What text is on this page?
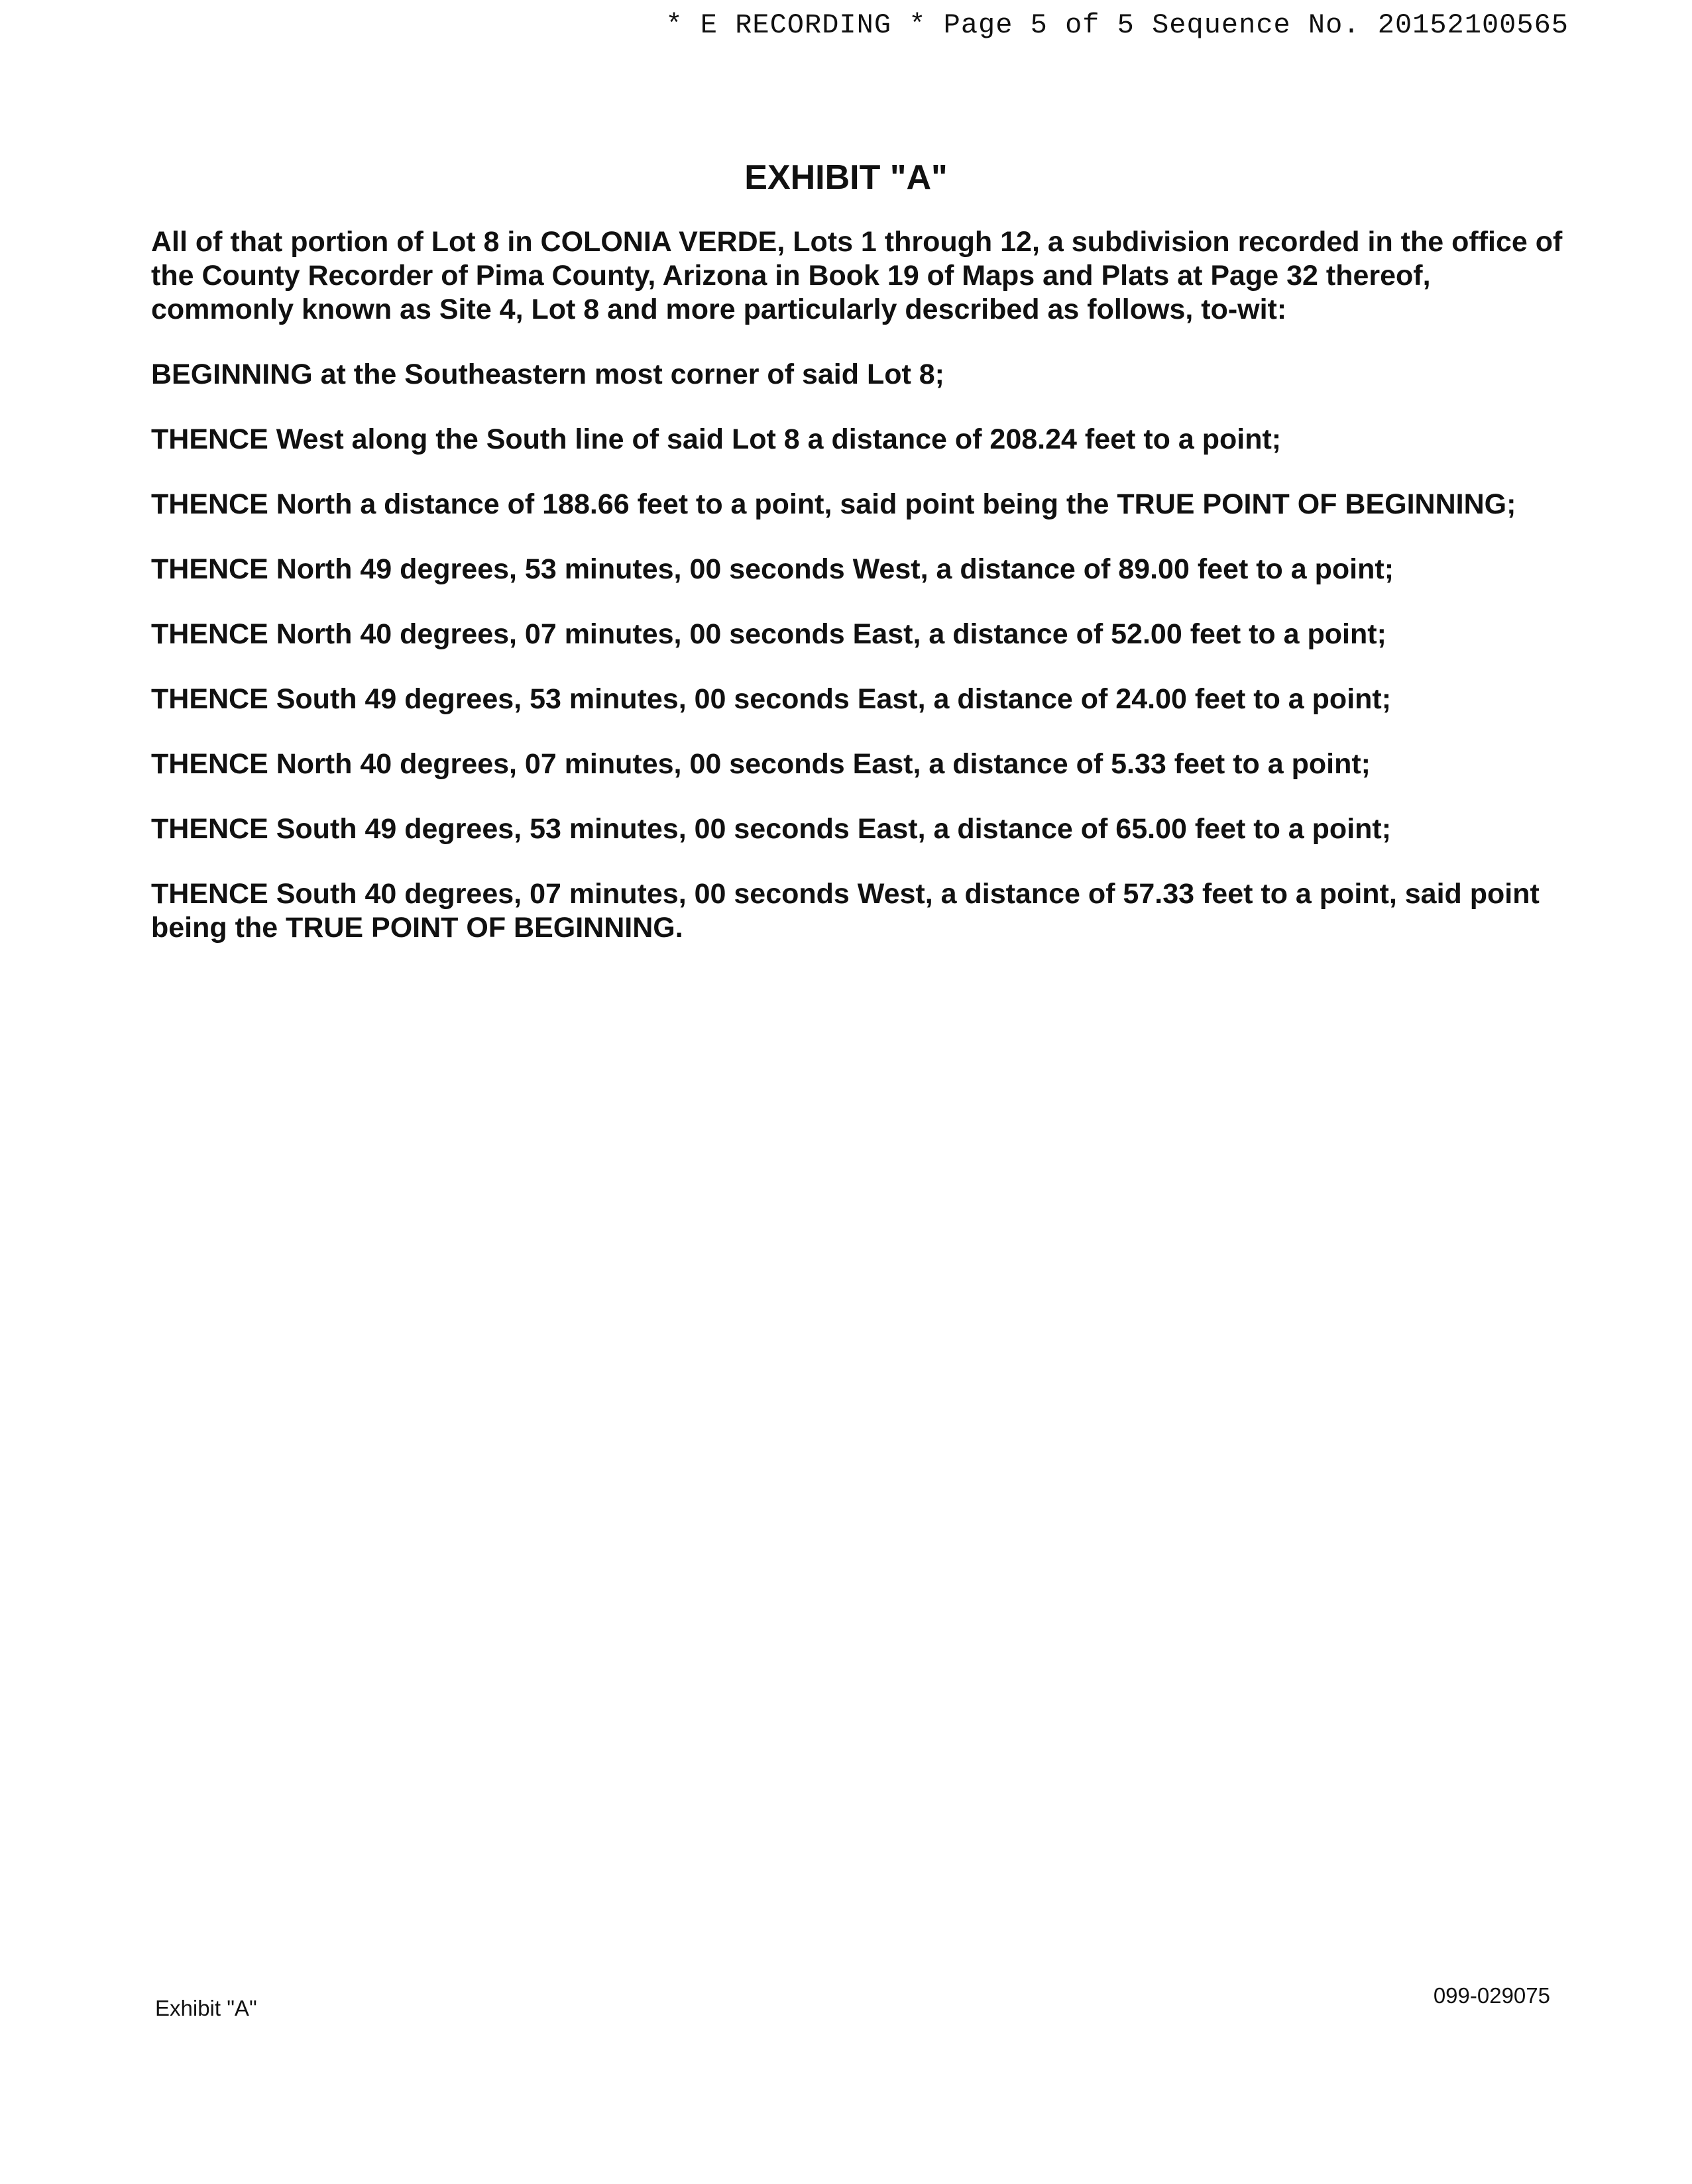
* E RECORDING * Page 5 of 5 Sequence No. 20152100565
EXHIBIT "A"

All of that portion of Lot 8 in COLONIA VERDE, Lots 1 through 12, a subdivision recorded in the office of the County Recorder of Pima County, Arizona in Book 19 of Maps and Plats at Page 32 thereof, commonly known as Site 4, Lot 8 and more particularly described as follows, to-wit:

BEGINNING at the Southeastern most corner of said Lot 8;

THENCE West along the South line of said Lot 8 a distance of 208.24 feet to a point;

THENCE North a distance of 188.66 feet to a point, said point being the TRUE POINT OF BEGINNING;

THENCE North 49 degrees, 53 minutes, 00 seconds West, a distance of 89.00 feet to a point;

THENCE North 40 degrees, 07 minutes, 00 seconds East, a distance of 52.00 feet to a point;

THENCE South 49 degrees, 53 minutes, 00 seconds East, a distance of 24.00 feet to a point;

THENCE North 40 degrees, 07 minutes, 00 seconds East, a distance of 5.33 feet to a point;

THENCE South 49 degrees, 53 minutes, 00 seconds East, a distance of 65.00 feet to a point;

THENCE South 40 degrees, 07 minutes, 00 seconds West, a distance of 57.33 feet to a point, said point being the TRUE POINT OF BEGINNING.

Exhibit "A"
099-029075
